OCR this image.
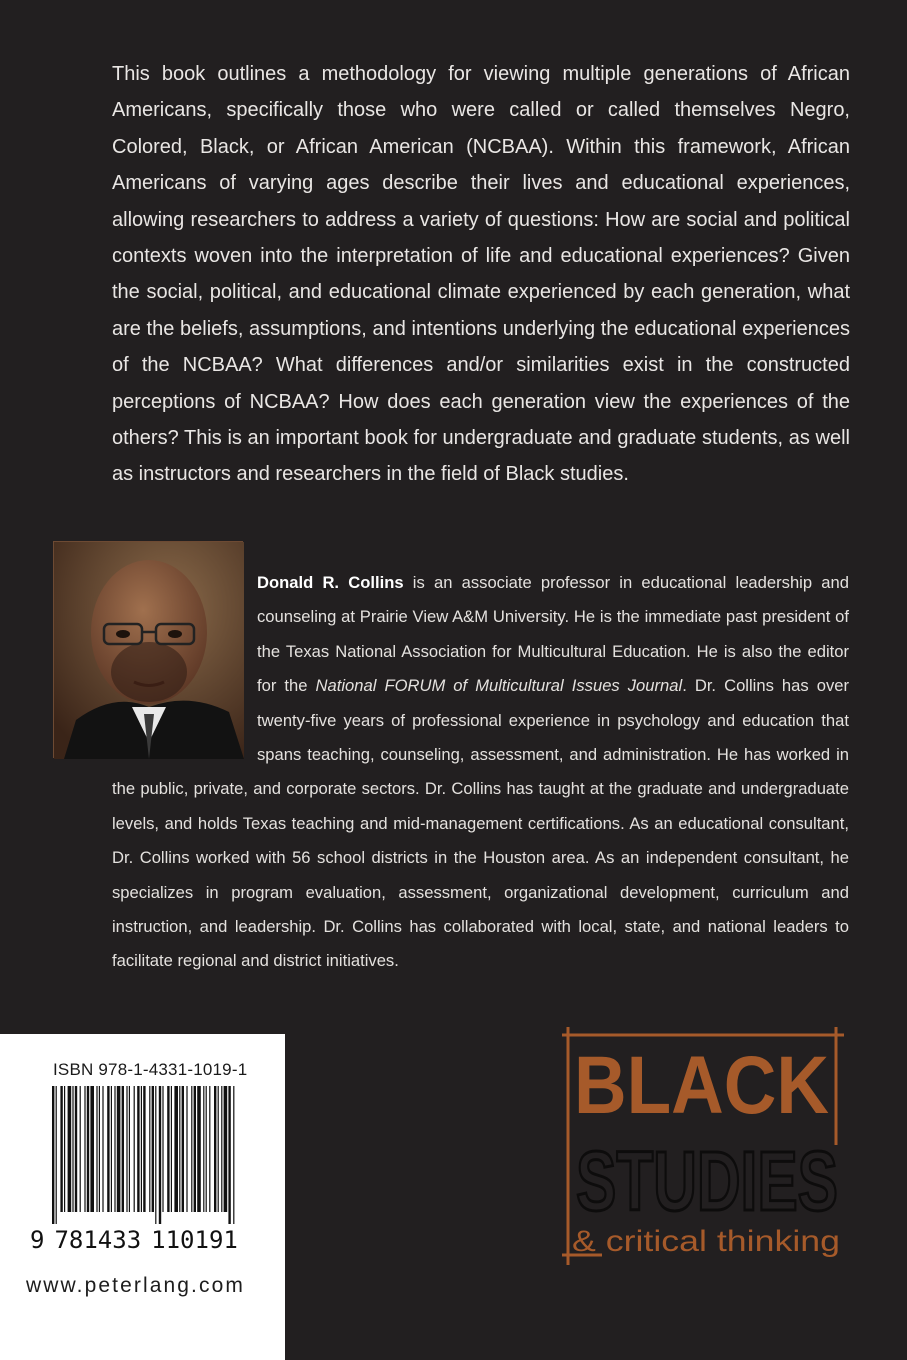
This book outlines a methodology for viewing multiple generations of African Americans, specifically those who were called or called themselves Negro, Colored, Black, or African American (NCBAA). Within this framework, African Americans of varying ages describe their lives and educational experiences, allowing researchers to address a variety of questions: How are social and political contexts woven into the interpretation of life and educational experiences? Given the social, political, and educational climate experienced by each generation, what are the beliefs, assumptions, and intentions underlying the educational experiences of the NCBAA? What differences and/or similarities exist in the constructed perceptions of NCBAA? How does each generation view the experiences of the others? This is an important book for undergraduate and graduate students, as well as instructors and researchers in the field of Black studies.

Donald R. Collins is an associate professor in educational leadership and counseling at Prairie View A&M University. He is the immediate past president of the Texas National Association for Multicultural Education. He is also the editor for the National FORUM of Multicultural Issues Journal. Dr. Collins has over twenty-five years of professional experience in psychology and education that spans teaching, counseling, assessment, and administration. He has worked in the public, private, and corporate sectors. Dr. Collins has taught at the graduate and undergraduate levels, and holds Texas teaching and mid-management certifications. As an educational consultant, Dr. Collins worked with 56 school districts in the Houston area. As an independent consultant, he specializes in program evaluation, assessment, organizational development, curriculum and instruction, and leadership. Dr. Collins has collaborated with local, state, and national leaders to facilitate regional and district initiatives.

ISBN 978-1-4331-1019-1
9 781433 110191
www.peterlang.com
BLACK
STUDIES
& critical thinking
